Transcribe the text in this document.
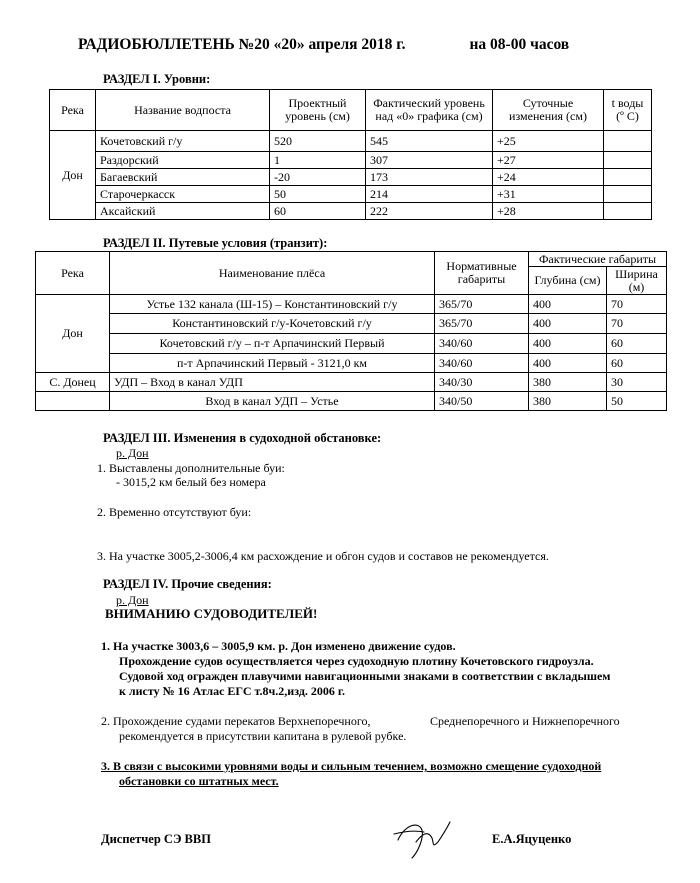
РАДИОБЮЛЛЕТЕНЬ №20 «20» апреля 2018 г.	на 08-00 часов
РАЗДЕЛ I. Уровни:
Река	Название водпоста	Проектный уровень (см)	Фактический уровень над «0» графика (см)	Суточные изменения (см)	t воды (º С)
Дон	Кочетовский г/у	520	545	+25	
	Раздорский	1	307	+27	
	Багаевский	-20	173	+24	
	Старочеркасск	50	214	+31	
	Аксайский	60	222	+28	
РАЗДЕЛ II. Путевые условия (транзит):
Река	Наименование плёса	Нормативные габариты	Фактические габариты	
			Глубина (см)	Ширина (м)
Дон	Устье 132 канала (Ш-15) – Константиновский г/у	365/70	400	70
	Константиновский г/у-Кочетовский г/у	365/70	400	70
	Кочетовский г/у – п-т Арпачинский Первый	340/60	400	60
	п-т Арпачинский Первый - 3121,0 км	340/60	400	60
С. Донец	УДП – Вход в канал УДП	340/30	380	30
	Вход в канал УДП – Устье	340/50	380	50
РАЗДЕЛ III. Изменения в судоходной обстановке:
р. Дон
1. Выставлены дополнительные буи:
- 3015,2 км белый без номера
2. Временно отсутствуют буи:
3. На участке 3005,2-3006,4 км расхождение и обгон судов и составов не рекомендуется.
РАЗДЕЛ IV. Прочие сведения:
р. Дон
ВНИМАНИЮ СУДОВОДИТЕЛЕЙ!
1. На участке 3003,6 – 3005,9 км. р. Дон изменено движение судов.
Прохождение судов осуществляется через судоходную плотину Кочетовского гидроузла.
Судовой ход огражден плавучими навигационными знаками в соответствии с вкладышем
к листу № 16 Атлас ЕГС т.8ч.2,изд. 2006 г.
2. Прохождение судами перекатов Верхнепоречного,	Среднепоречного и Нижнепоречного
рекомендуется в присутствии капитана в рулевой рубке.
3. В связи с высокими уровнями воды и сильным течением, возможно смещение судоходной
обстановки со штатных мест.
Диспетчер СЭ ВВП	Е.А.Яцуценко
